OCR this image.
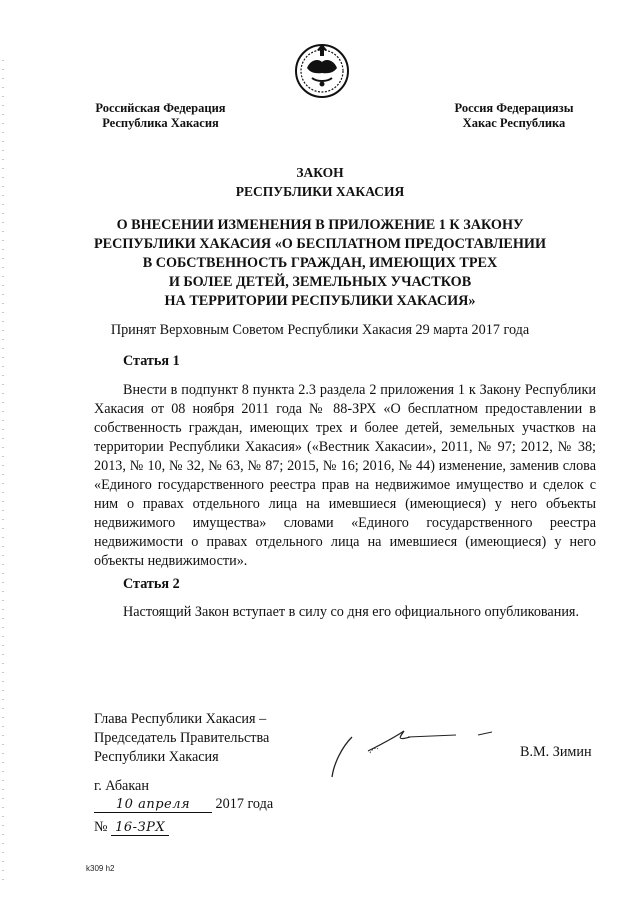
Российская Федерация
Республика Хакасия
Россия Федерациязы
Хакас Республика
ЗАКОН
РЕСПУБЛИКИ ХАКАСИЯ
О ВНЕСЕНИИ ИЗМЕНЕНИЯ В ПРИЛОЖЕНИЕ 1 К ЗАКОНУ
РЕСПУБЛИКИ ХАКАСИЯ «О БЕСПЛАТНОМ ПРЕДОСТАВЛЕНИИ
В СОБСТВЕННОСТЬ ГРАЖДАН, ИМЕЮЩИХ ТРЕХ
И БОЛЕЕ ДЕТЕЙ, ЗЕМЕЛЬНЫХ УЧАСТКОВ
НА ТЕРРИТОРИИ РЕСПУБЛИКИ ХАКАСИЯ»
Принят Верховным Советом Республики Хакасия 29 марта 2017 года
Статья 1
Внести в подпункт 8 пункта 2.3 раздела 2 приложения 1 к Закону Республики Хакасия от 08 ноября 2011 года № 88-ЗРХ «О бесплатном предоставлении в собственность граждан, имеющих трех и более детей, земельных участков на территории Республики Хакасия» («Вестник Хакасии», 2011, № 97; 2012, № 38; 2013, № 10, № 32, № 63, № 87; 2015, № 16; 2016, № 44) изменение, заменив слова «Единого государственного реестра прав на недвижимое имущество и сделок с ним о правах отдельного лица на имевшиеся (имеющиеся) у него объекты недвижимого имущества» словами «Единого государственного реестра недвижимости о правах отдельного лица на имевшиеся (имеющиеся) у него объекты недвижимости».
Статья 2
Настоящий Закон вступает в силу со дня его официального опубликования.
Глава Республики Хакасия –
Председатель Правительства
Республики Хакасия	В.М. Зимин
г. Абакан
10 апреля 2017 года
№ 16-ЗРХ
k309 h2
